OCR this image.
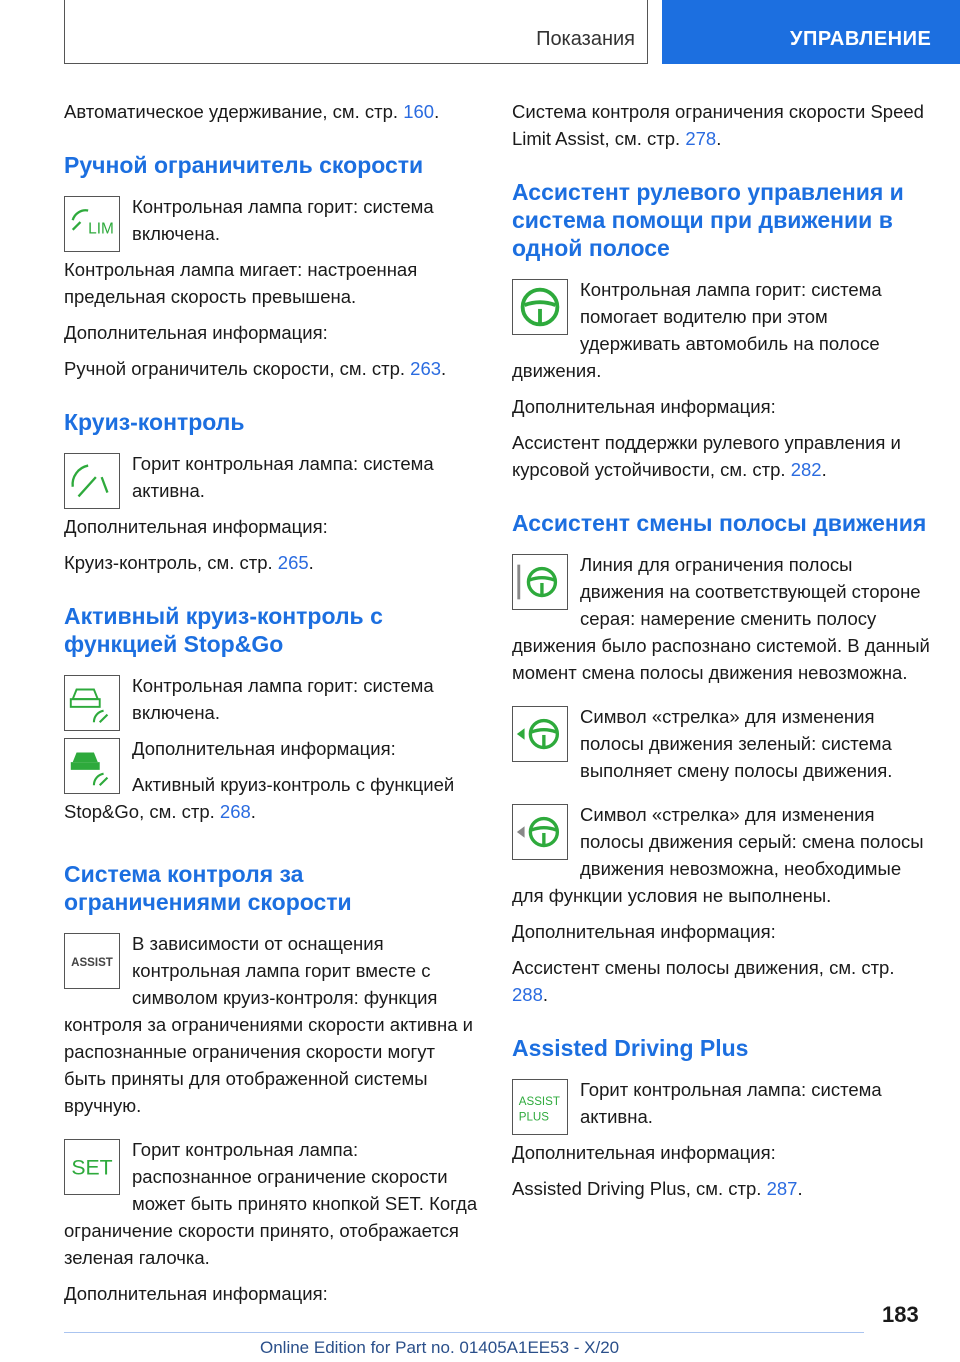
Показания	УПРАВЛЕНИЕ

Автоматическое удерживание, см. стр. 160.

Ручной ограничитель скорости
LIM

Контрольная лампа горит: система включена.

Контрольная лампа мигает: настроенная предельная скорость превышена.

Дополнительная информация:

Ручной ограничитель скорости, см. стр. 263.

Круиз-контроль

Горит контрольная лампа: система активна.

Дополнительная информация:

Круиз-контроль, см. стр. 265.

Активный круиз-контроль с функцией Stop&Go

Контрольная лампа горит: система включена.

Дополнительная информация:

Активный круиз-контроль с функцией Stop&Go, см. стр. 268.

Система контроля за ограничениями скорости
ASSIST

В зависимости от оснащения контрольная лампа горит вместе с символом круиз-контроля: функция контроля за ограничениями скорости активна и распознанные ограничения скорости могут быть приняты для отображенной системы вручную.

SET

Горит контрольная лампа: распознанное ограничение скорости может быть принято кнопкой SET. Когда ограничение скорости принято, отображается зеленая галочка.

Дополнительная информация:

Система контроля ограничения скорости Speed Limit Assist, см. стр. 278.

Ассистент рулевого управления и системa помощи при движении в одной полосе

Контрольная лампа горит: система помогает водителю при этом удерживать автомобиль на полосе движения.

Дополнительная информация:

Ассистент поддержки рулевого управления и курсовой устойчивости, см. стр. 282.

Ассистент смены полосы движения

Линия для ограничения полосы движения на соответствующей стороне серая: намерение сменить полосу движения было распознано системой. В данный момент смена полосы движения невозможна.

Символ «стрелка» для изменения полосы движения зеленый: система выполняет смену полосы движения.

Символ «стрелка» для изменения полосы движения серый: смена полосы движения невозможна, необходимые для функции условия не выполнены.

Дополнительная информация:

Ассистент смены полосы движения, см. стр. 288.

Assisted Driving Plus
ASSIST
PLUS

Горит контрольная лампа: система активна.

Дополнительная информация:

Assisted Driving Plus, см. стр. 287.

183
Online Edition for Part no. 01405A1EE53 - X/20
